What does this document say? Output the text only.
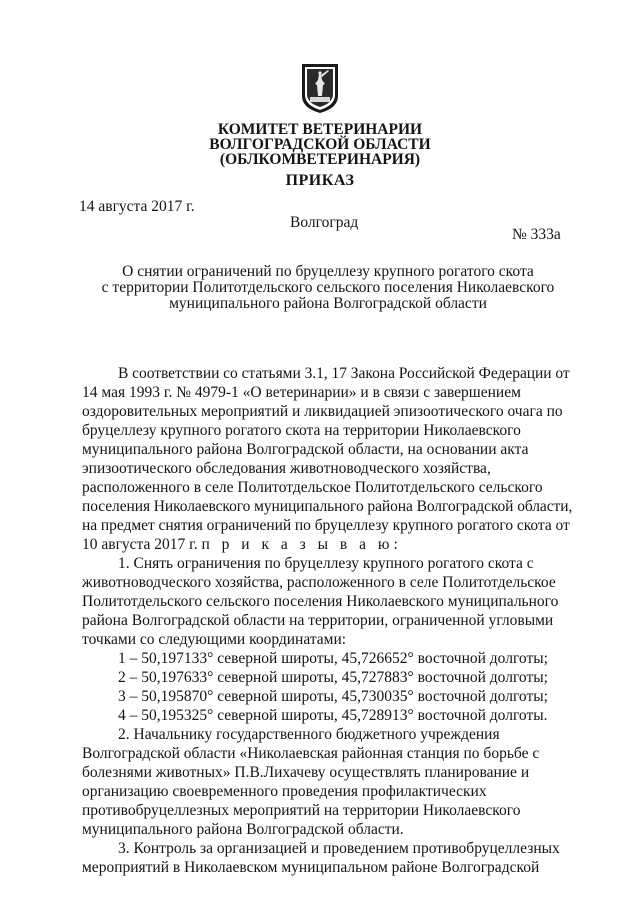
КОМИТЕТ ВЕТЕРИНАРИИ
ВОЛГОГРАДСКОЙ ОБЛАСТИ
(ОБЛКОМВЕТЕРИНАРИЯ)
ПРИКАЗ
14 августа 2017 г.
№ 333а
Волгоград
О снятии ограничений по бруцеллезу крупного рогатого скота
с территории Политотдельского сельского поселения Николаевского
муниципального района Волгоградской области
В соответствии со статьями 3.1, 17 Закона Российской Федерации от
14 мая 1993 г. № 4979-1 «О ветеринарии» и в связи с завершением
оздоровительных мероприятий и ликвидацией эпизоотического очага по
бруцеллезу крупного рогатого скота на территории Николаевского
муниципального района Волгоградской области, на основании акта
эпизоотического обследования животноводческого хозяйства,
расположенного в селе Политотдельское Политотдельского сельского
поселения Николаевского муниципального района Волгоградской области,
на предмет снятия ограничений по бруцеллезу крупного рогатого скота от
10 августа 2017 г.
п р и к а з ы в а ю:
1. Снять ограничения по бруцеллезу крупного рогатого скота с
животноводческого хозяйства, расположенного в селе Политотдельское
Политотдельского сельского поселения Николаевского муниципального
района Волгоградской области на территории, ограниченной угловыми
точками со следующими координатами:
1 – 50,197133° северной широты, 45,726652° восточной долготы;
2 – 50,197633° северной широты, 45,727883° восточной долготы;
3 – 50,195870° северной широты, 45,730035° восточной долготы;
4 – 50,195325° северной широты, 45,728913° восточной долготы.
2. Начальнику государственного бюджетного учреждения
Волгоградской области «Николаевская районная станция по борьбе с
болезнями животных» П.В.Лихачеву осуществлять планирование и
организацию своевременного проведения профилактических
противобруцеллезных мероприятий на территории Николаевского
муниципального района Волгоградской области.
3. Контроль за организацией и проведением противобруцеллезных
мероприятий в Николаевском муниципальном районе Волгоградской
